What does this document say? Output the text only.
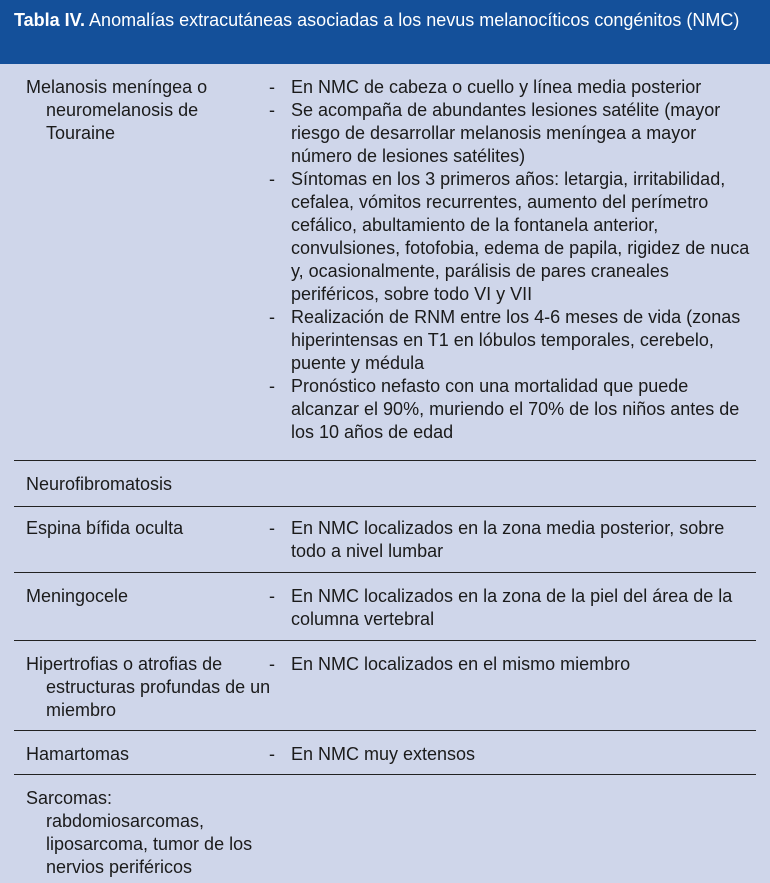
Tabla IV. Anomalías extracutáneas asociadas a los nevus melanocíticos congénitos (NMC)
Melanosis meníngea o neuromelanosis de Touraine
- En NMC de cabeza o cuello y línea media posterior
- Se acompaña de abundantes lesiones satélite (mayor riesgo de desarrollar melanosis meníngea a mayor número de lesiones satélites)
- Síntomas en los 3 primeros años: letargia, irritabilidad, cefalea, vómitos recurrentes, aumento del perímetro cefálico, abultamiento de la fontanela anterior, convulsiones, fotofobia, edema de papila, rigidez de nuca y, ocasionalmente, parálisis de pares craneales periféricos, sobre todo VI y VII
- Realización de RNM entre los 4-6 meses de vida (zonas hiperintensas en T1 en lóbulos temporales, cerebelo, puente y médula
- Pronóstico nefasto con una mortalidad que puede alcanzar el 90%, muriendo el 70% de los niños antes de los 10 años de edad
Neurofibromatosis
Espina bífida oculta	- En NMC localizados en la zona media posterior, sobre todo a nivel lumbar
Meningocele	- En NMC localizados en la zona de la piel del área de la columna vertebral
Hipertrofias o atrofias de estructuras profundas de un miembro
- En NMC localizados en el mismo miembro
Hamartomas	- En NMC muy extensos
Sarcomas: rabdomiosarcomas, liposarcoma, tumor de los nervios periféricos
